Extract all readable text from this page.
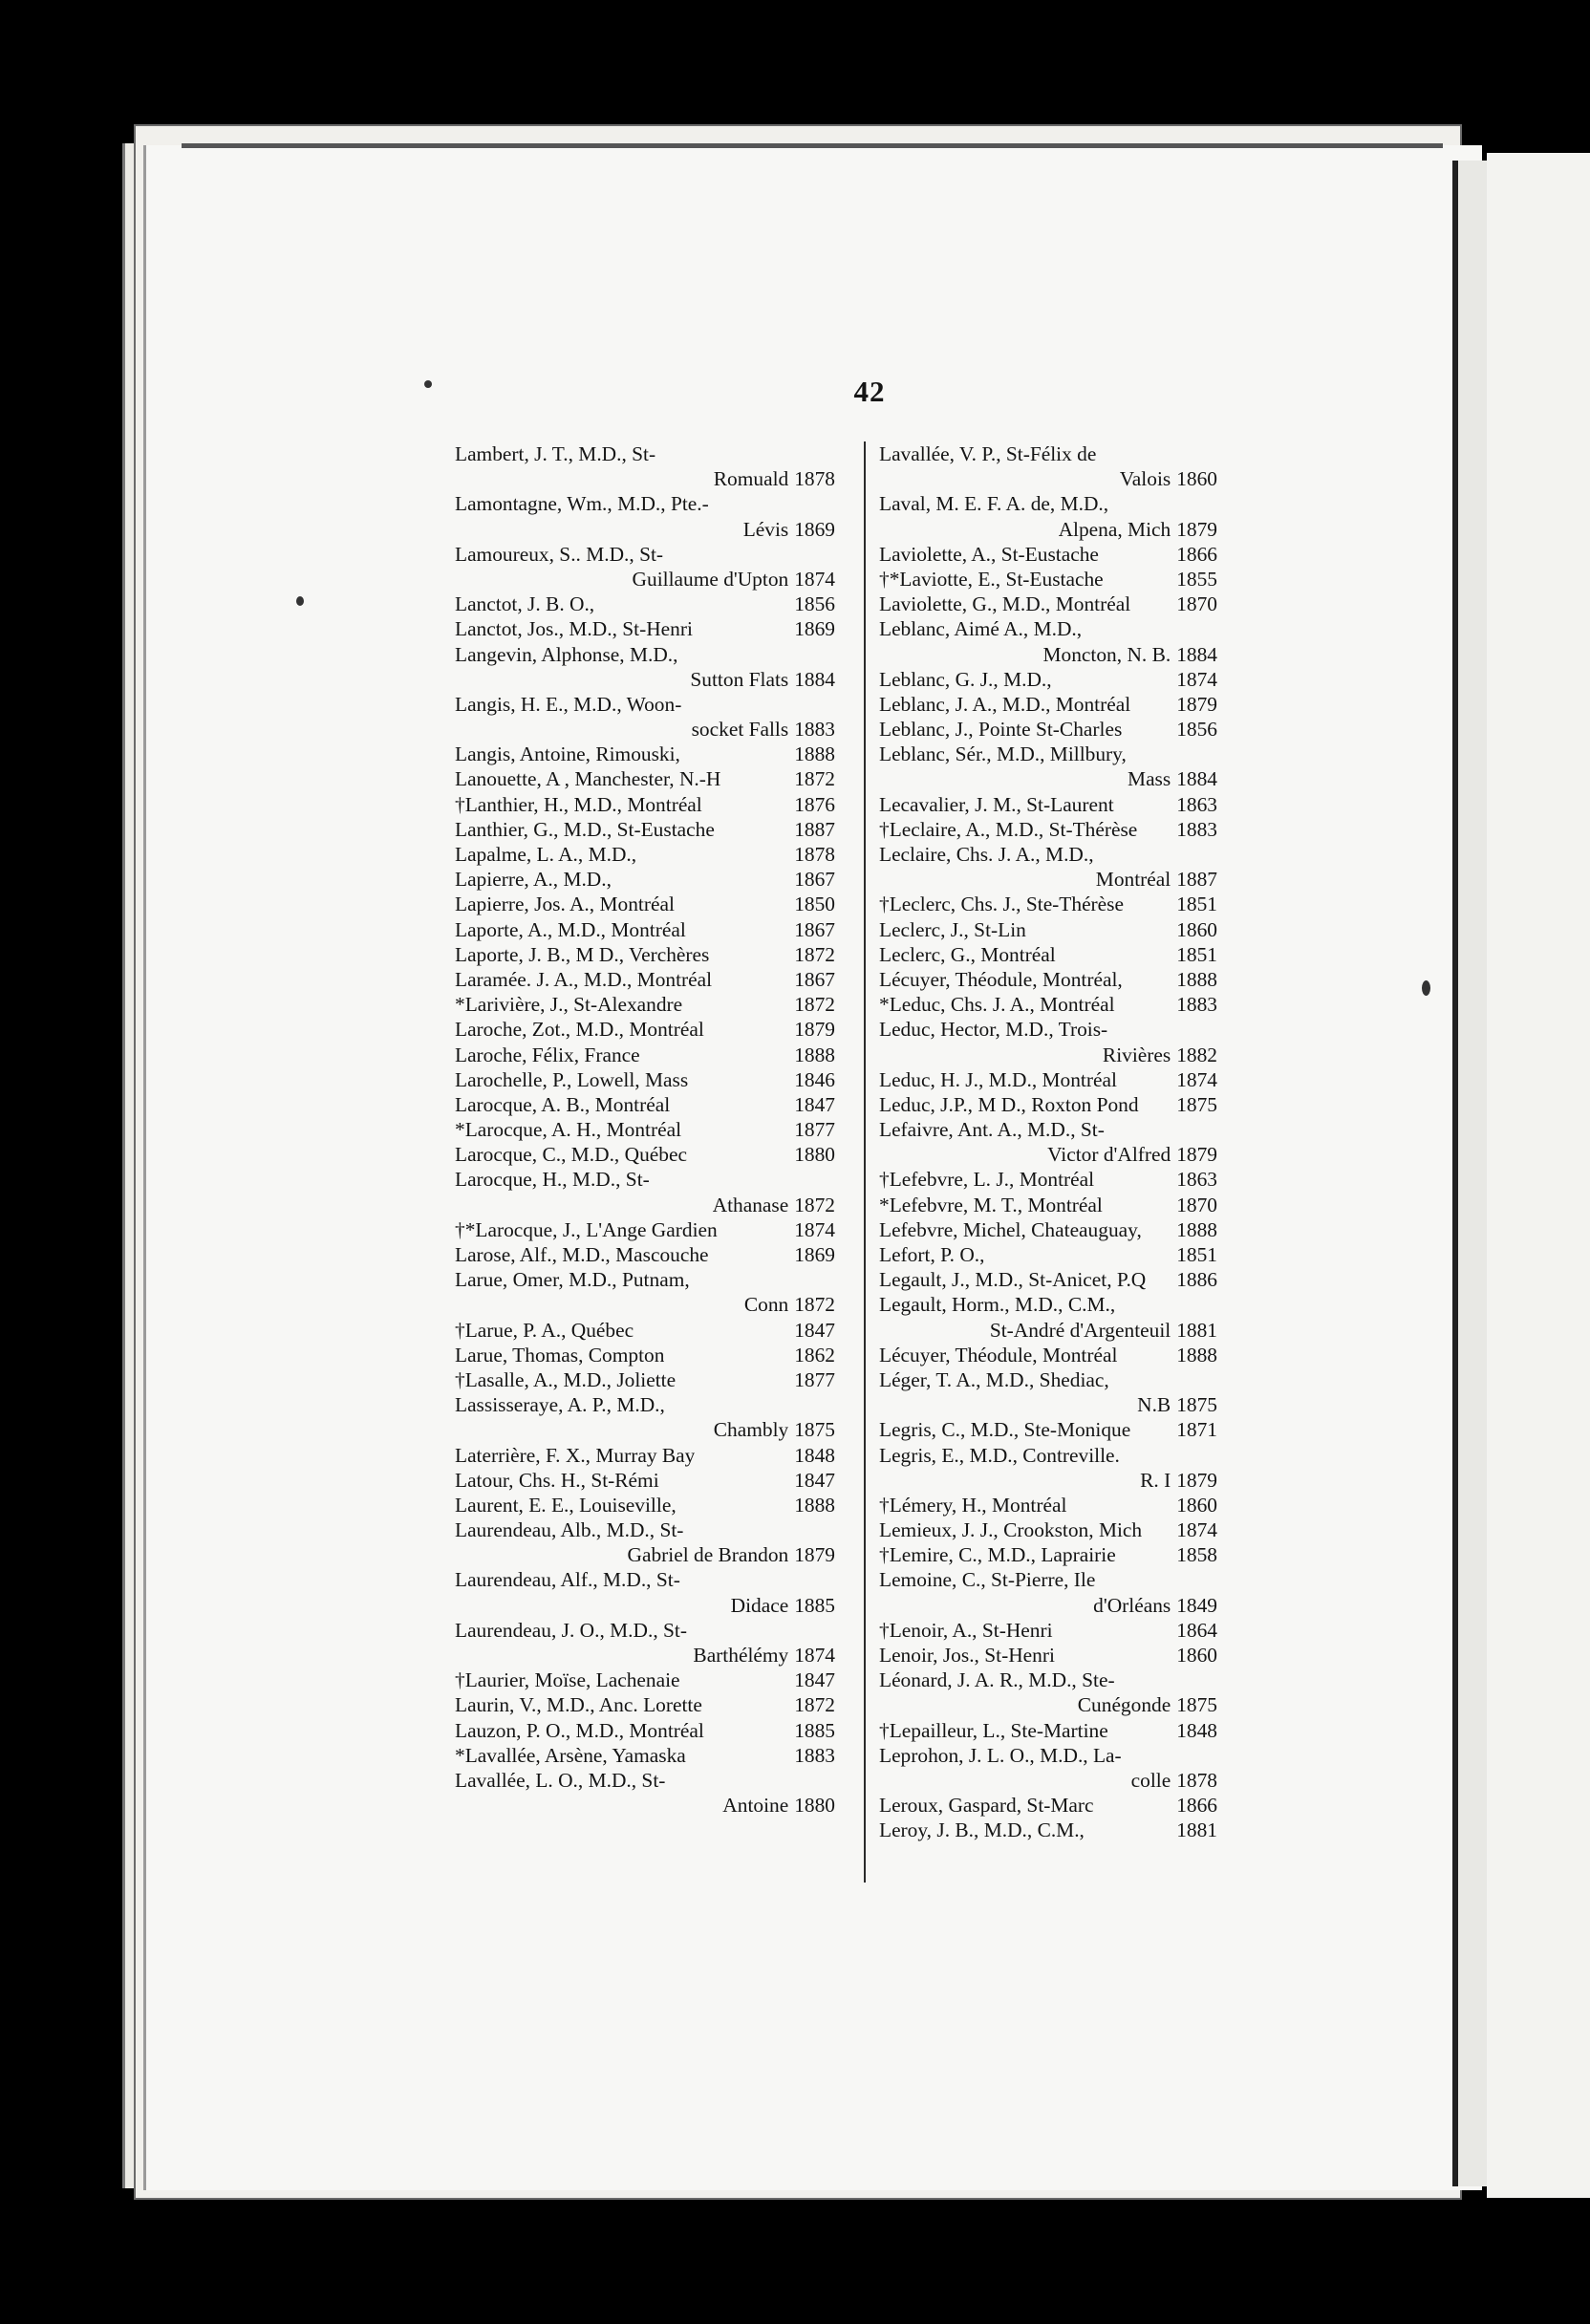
42
Lambert, J. T., M.D., St-
Romuald 1878
Lamontagne, Wm., M.D., Pte.-
Lévis 1869
Lamoureux, S.. M.D., St-
Guillaume d'Upton 1874
Lanctot, J. B. O.,	1856
Lanctot, Jos., M.D., St-Henri	1869
Langevin, Alphonse, M.D.,
Sutton Flats 1884
Langis, H. E., M.D., Woon-
socket Falls 1883
Langis, Antoine, Rimouski,	1888
Lanouette, A , Manchester, N.-H	1872
†Lanthier, H., M.D., Montréal	1876
Lanthier, G., M.D., St-Eustache	1887
Lapalme, L. A., M.D.,	1878
Lapierre, A., M.D.,	1867
Lapierre, Jos. A., Montréal	1850
Laporte, A., M.D., Montréal	1867
Laporte, J. B., M D., Verchères	1872
Laramée. J. A., M.D., Montréal	1867
*Larivière, J., St-Alexandre	1872
Laroche, Zot., M.D., Montréal	1879
Laroche, Félix, France	1888
Larochelle, P., Lowell, Mass	1846
Larocque, A. B., Montréal	1847
*Larocque, A. H., Montréal	1877
Larocque, C., M.D., Québec	1880
Larocque, H., M.D., St-
Athanase 1872
†*Larocque, J., L'Ange Gardien	1874
Larose, Alf., M.D., Mascouche	1869
Larue, Omer, M.D., Putnam,
Conn 1872
†Larue, P. A., Québec	1847
Larue, Thomas, Compton	1862
†Lasalle, A., M.D., Joliette	1877
Lassisseraye, A. P., M.D.,
Chambly 1875
Laterrière, F. X., Murray Bay	1848
Latour, Chs. H., St-Rémi	1847
Laurent, E. E., Louiseville,	1888
Laurendeau, Alb., M.D., St-
Gabriel de Brandon 1879
Laurendeau, Alf., M.D., St-
Didace 1885
Laurendeau, J. O., M.D., St-
Barthélémy 1874
†Laurier, Moïse, Lachenaie	1847
Laurin, V., M.D., Anc. Lorette	1872
Lauzon, P. O., M.D., Montréal	1885
*Lavallée, Arsène, Yamaska	1883
Lavallée, L. O., M.D., St-
Antoine 1880
Lavallée, V. P., St-Félix de
Valois 1860
Laval, M. E. F. A. de, M.D.,
Alpena, Mich 1879
Laviolette, A., St-Eustache	1866
†*Laviotte, E., St-Eustache	1855
Laviolette, G., M.D., Montréal 1870
Leblanc, Aimé A., M.D.,
Moncton, N. B. 1884
Leblanc, G. J., M.D.,	1874
Leblanc, J. A., M.D., Montréal 1879
Leblanc, J., Pointe St-Charles	1856
Leblanc, Sér., M.D., Millbury,
Mass 1884
Lecavalier, J. M., St-Laurent	1863
†Leclaire, A., M.D., St-Thérèse 1883
Leclaire, Chs. J. A., M.D.,
Montréal 1887
†Leclerc, Chs. J., Ste-Thérèse	1851
Leclerc, J., St-Lin	1860
Leclerc, G., Montréal	1851
Lécuyer, Théodule, Montréal,	1888
*Leduc, Chs. J. A., Montréal	1883
Leduc, Hector, M.D., Trois-
Rivières 1882
Leduc, H. J., M.D., Montréal	1874
Leduc, J.P., M D., Roxton Pond 1875
Lefaivre, Ant. A., M.D., St-
Victor d'Alfred 1879
†Lefebvre, L. J., Montréal	1863
*Lefebvre, M. T., Montréal	1870
Lefebvre, Michel, Chateauguay, 1888
Lefort, P. O.,	1851
Legault, J., M.D., St-Anicet, P.Q 1886
Legault, Horm., M.D., C.M.,
St-André d'Argenteuil 1881
Lécuyer, Théodule, Montréal	1888
Léger, T. A., M.D., Shediac,
N.B 1875
Legris, C., M.D., Ste-Monique 1871
Legris, E., M.D., Contreville.
R. I 1879
†Lémery, H., Montréal	1860
Lemieux, J. J., Crookston, Mich 1874
†Lemire, C., M.D., Laprairie	1858
Lemoine, C., St-Pierre, Ile
d'Orléans 1849
†Lenoir, A., St-Henri	1864
Lenoir, Jos., St-Henri	1860
Léonard, J. A. R., M.D., Ste-
Cunégonde 1875
†Lepailleur, L., Ste-Martine	1848
Leprohon, J. L. O., M.D., La-
colle 1878
Leroux, Gaspard, St-Marc	1866
Leroy, J. B., M.D., C.M.,	1881
